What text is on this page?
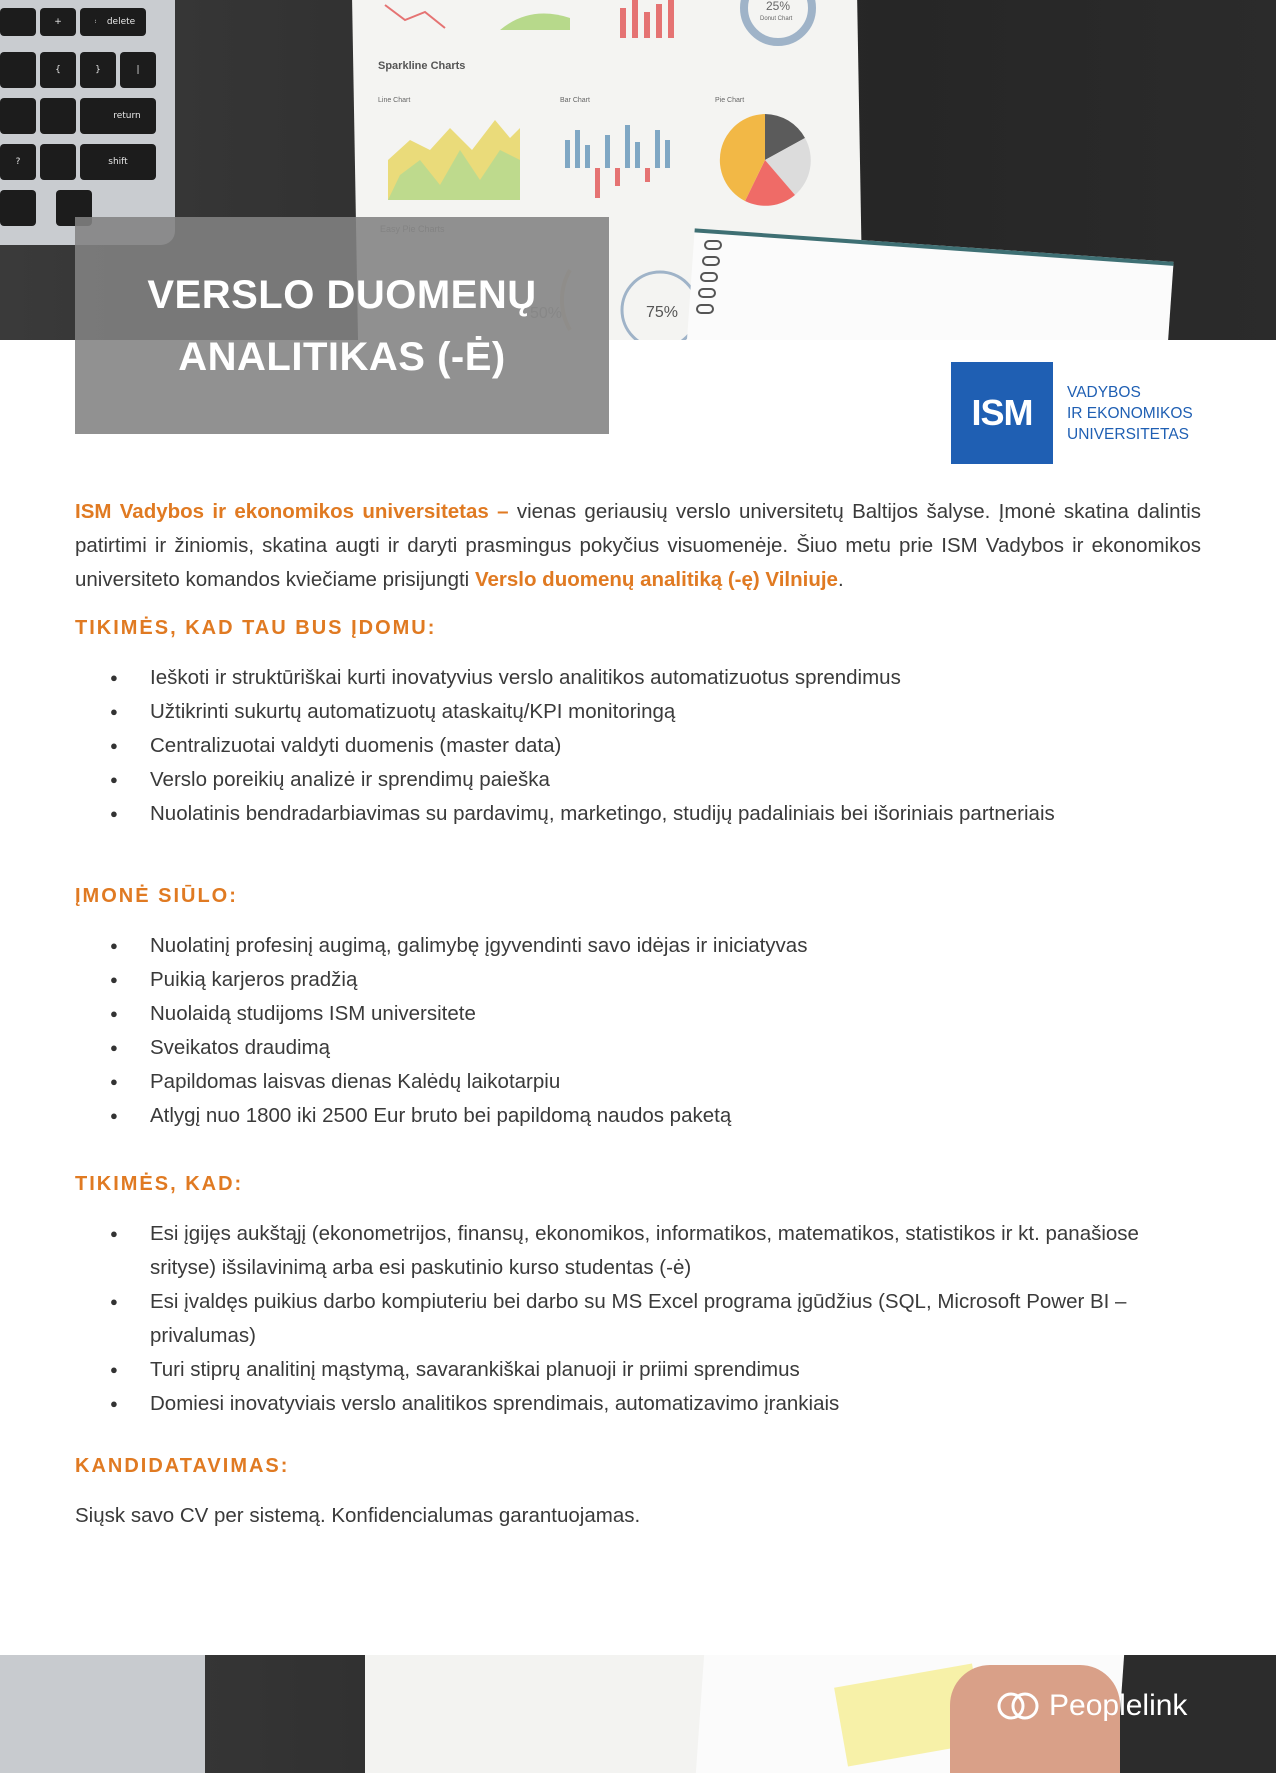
+	delete
{	}	|
return
?	shift
25%
Donut Chart
Line Chart	Bar Chart	Pie Chart
75%
Sparkline Charts
VERSLO DUOMENŲ
ANALITIKAS (-Ė)
ISM	VADYBOS
IR EKONOMIKOS
UNIVERSITETAS

ISM Vadybos ir ekonomikos universitetas – vienas geriausių verslo universitetų Baltijos šalyse. Įmonė skatina dalintis patirtimi ir žiniomis, skatina augti ir daryti prasmingus pokyčius visuomenėje. Šiuo metu prie ISM Vadybos ir ekonomikos universiteto komandos kviečiame prisijungti Verslo duomenų analitiką (-ę) Vilniuje.

TIKIMĖS, KAD TAU BUS ĮDOMU:
● Ieškoti ir struktūriškai kurti inovatyvius verslo analitikos automatizuotus sprendimus
● Užtikrinti sukurtų automatizuotų ataskaitų/KPI monitoringą
● Centralizuotai valdyti duomenis (master data)
● Verslo poreikių analizė ir sprendimų paieška
● Nuolatinis bendradarbiavimas su pardavimų, marketingo, studijų padaliniais bei išoriniais partneriais
ĮMONĖ SIŪLO:
● Nuolatinį profesinį augimą, galimybę įgyvendinti savo idėjas ir iniciatyvas
● Puikią karjeros pradžią
● Nuolaidą studijoms ISM universitete
● Sveikatos draudimą
● Papildomas laisvas dienas Kalėdų laikotarpiu
● Atlygį nuo 1800 iki 2500 Eur bruto bei papildomą naudos paketą
TIKIMĖS, KAD:
● Esi įgijęs aukštąjį (ekonometrijos, finansų, ekonomikos, informatikos, matematikos, statistikos ir kt. panašiose srityse) išsilavinimą arba esi paskutinio kurso studentas (-ė)
● Esi įvaldęs puikius darbo kompiuteriu bei darbo su MS Excel programa įgūdžius (SQL, Microsoft Power BI – privalumas)
● Turi stiprų analitinį mąstymą, savarankiškai planuoji ir priimi sprendimus
● Domiesi inovatyviais verslo analitikos sprendimais, automatizavimo įrankiais
KANDIDATAVIMAS:

Siųsk savo CV per sistemą. Konfidencialumas garantuojamas.

Peoplelink
